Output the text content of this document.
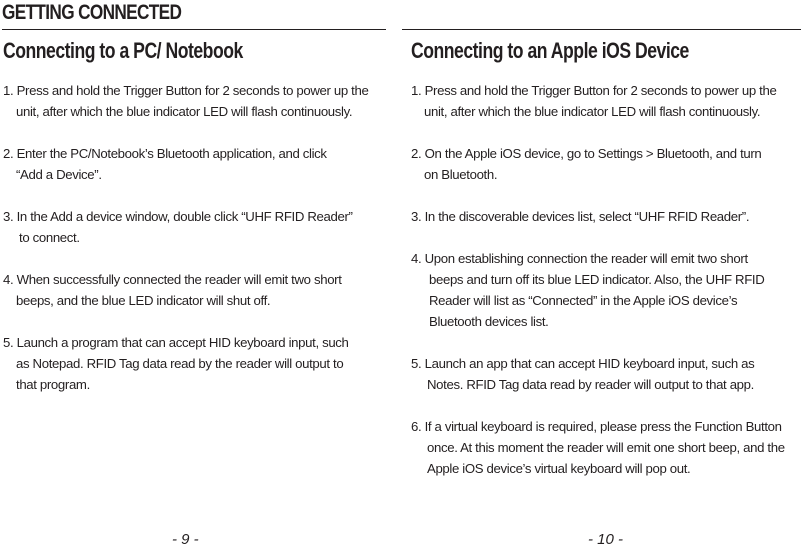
GETTING CONNECTED
Connecting to a PC/ Notebook
1. Press and hold the Trigger Button for 2 seconds to power up the
unit, after which the blue indicator LED will flash continuously.
2. Enter the PC/Notebook’s Bluetooth application, and click
“Add a Device”.
3. In the Add a device window, double click “UHF RFID Reader”
to connect.
4. When successfully connected the reader will emit two short
beeps, and the blue LED indicator will shut off.
5. Launch a program that can accept HID keyboard input, such
as Notepad. RFID Tag data read by the reader will output to
that program.
Connecting to an Apple iOS Device
1. Press and hold the Trigger Button for 2 seconds to power up the
unit, after which the blue indicator LED will flash continuously.
2. On the Apple iOS device, go to Settings > Bluetooth, and turn
on Bluetooth.
3. In the discoverable devices list, select “UHF RFID Reader”.
4. Upon establishing connection the reader will emit two short
beeps and turn off its blue LED indicator. Also, the UHF RFID
Reader will list as “Connected” in the Apple iOS device’s
Bluetooth devices list.
5. Launch an app that can accept HID keyboard input, such as
Notes. RFID Tag data read by reader will output to that app.
6. If a virtual keyboard is required, please press the Function Button
once. At this moment the reader will emit one short beep, and the
Apple iOS device’s virtual keyboard will pop out.
- 9 -	- 10 -
